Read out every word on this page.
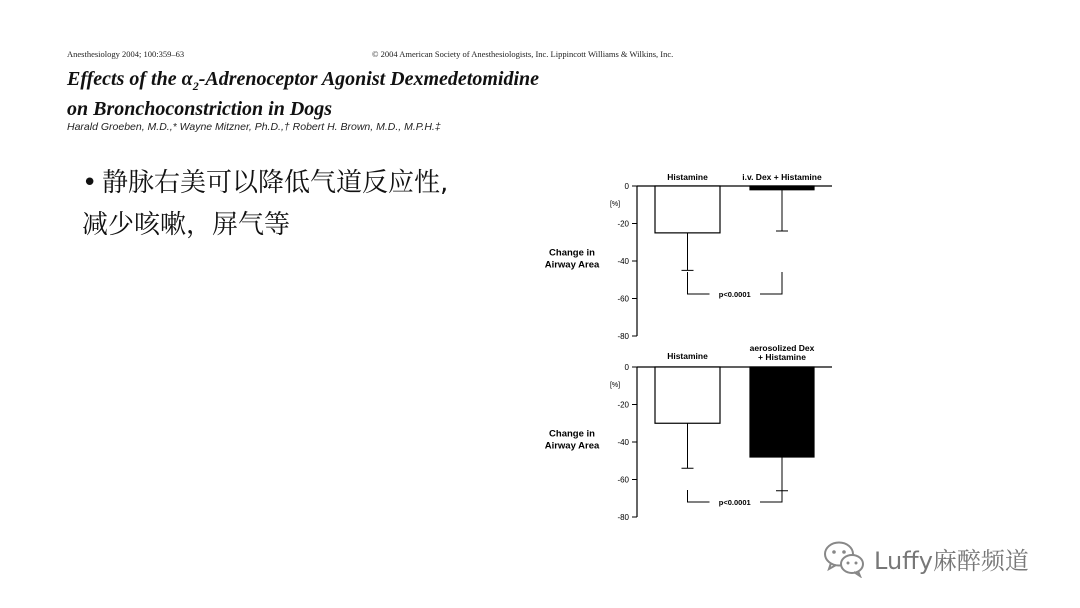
Anesthesiology 2004; 100:359–63	© 2004 American Society of Anesthesiologists, Inc. Lippincott Williams & Wilkins, Inc.
Effects of the $\alpha_2$-Adrenoceptor Agonist Dexmedetomidine
on Bronchoconstriction in Dogs
Harald Groeben, M.D.,* Wayne Mitzner, Ph.D.,† Robert H. Brown, M.D., M.P.H.‡
• 静脉右美可以降低气道反应性,
减少咳嗽，屏气等
0
-20
-40
-60
-80
[%]
Change in
Airway Area
Histamine	i.v. Dex + Histamine
p<0.0001
0
-20
-40
-60
-80
[%]
Change in
Airway Area
Histamine
aerosolized Dex
+ Histamine
p<0.0001
Luffy麻醉频道
